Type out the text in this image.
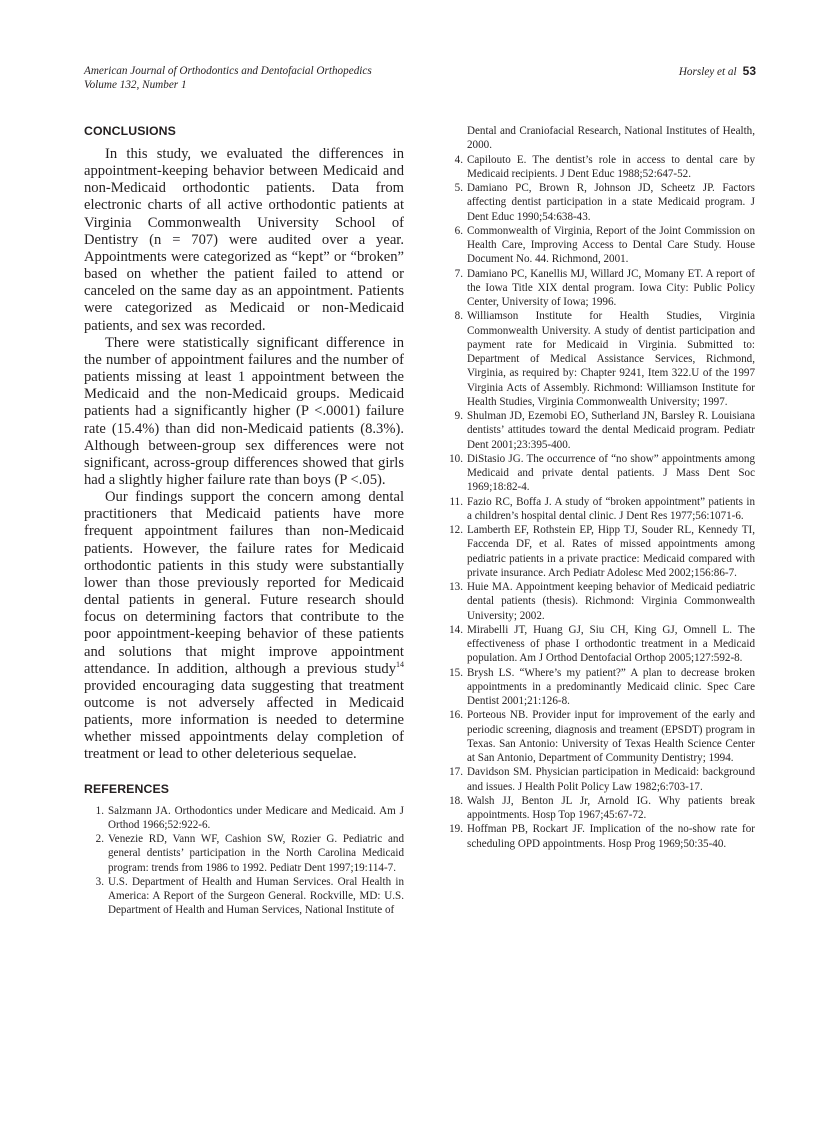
American Journal of Orthodontics and Dentofacial Orthopedics
Volume 132, Number 1
Horsley et al 53
CONCLUSIONS

In this study, we evaluated the differences in appointment-keeping behavior between Medicaid and non-Medicaid orthodontic patients. Data from electronic charts of all active orthodontic patients at Virginia Commonwealth University School of Dentistry (n = 707) were audited over a year. Appointments were categorized as “kept” or “broken” based on whether the patient failed to attend or canceled on the same day as an appointment. Patients were categorized as Medicaid or non-Medicaid patients, and sex was recorded.

There were statistically significant difference in the number of appointment failures and the number of patients missing at least 1 appointment between the Medicaid and the non-Medicaid groups. Medicaid patients had a significantly higher (P <.0001) failure rate (15.4%) than did non-Medicaid patients (8.3%). Although between-group sex differences were not significant, across-group differences showed that girls had a slightly higher failure rate than boys (P <.05).

Our findings support the concern among dental practitioners that Medicaid patients have more frequent appointment failures than non-Medicaid patients. However, the failure rates for Medicaid orthodontic patients in this study were substantially lower than those previously reported for Medicaid dental patients in general. Future research should focus on determining factors that contribute to the poor appointment-keeping behavior of these patients and solutions that might improve appointment attendance. In addition, although a previous study$^{14}$ provided encouraging data suggesting that treatment outcome is not adversely affected in Medicaid patients, more information is needed to determine whether missed appointments delay completion of treatment or lead to other deleterious sequelae.

REFERENCES
1. Salzmann JA. Orthodontics under Medicare and Medicaid. Am J Orthod 1966;52:922-6.
2. Venezie RD, Vann WF, Cashion SW, Rozier G. Pediatric and general dentists’ participation in the North Carolina Medicaid program: trends from 1986 to 1992. Pediatr Dent 1997;19:114-7.
3. U.S. Department of Health and Human Services. Oral Health in America: A Report of the Surgeon General. Rockville, MD: U.S. Department of Health and Human Services, National Institute of
Dental and Craniofacial Research, National Institutes of Health, 2000.
4. Capilouto E. The dentist’s role in access to dental care by Medicaid recipients. J Dent Educ 1988;52:647-52.
5. Damiano PC, Brown R, Johnson JD, Scheetz JP. Factors affecting dentist participation in a state Medicaid program. J Dent Educ 1990;54:638-43.
6. Commonwealth of Virginia, Report of the Joint Commission on Health Care, Improving Access to Dental Care Study. House Document No. 44. Richmond, 2001.
7. Damiano PC, Kanellis MJ, Willard JC, Momany ET. A report of the Iowa Title XIX dental program. Iowa City: Public Policy Center, University of Iowa; 1996.
8. Williamson Institute for Health Studies, Virginia Commonwealth University. A study of dentist participation and payment rate for Medicaid in Virginia. Submitted to: Department of Medical Assistance Services, Richmond, Virginia, as required by: Chapter 9241, Item 322.U of the 1997 Virginia Acts of Assembly. Richmond: Williamson Institute for Health Studies, Virginia Commonwealth University; 1997.
9. Shulman JD, Ezemobi EO, Sutherland JN, Barsley R. Louisiana dentists’ attitudes toward the dental Medicaid program. Pediatr Dent 2001;23:395-400.
10. DiStasio JG. The occurrence of “no show” appointments among Medicaid and private dental patients. J Mass Dent Soc 1969;18:82-4.
11. Fazio RC, Boffa J. A study of “broken appointment” patients in a children’s hospital dental clinic. J Dent Res 1977;56:1071-6.
12. Lamberth EF, Rothstein EP, Hipp TJ, Souder RL, Kennedy TI, Faccenda DF, et al. Rates of missed appointments among pediatric patients in a private practice: Medicaid compared with private insurance. Arch Pediatr Adolesc Med 2002;156:86-7.
13. Huie MA. Appointment keeping behavior of Medicaid pediatric dental patients (thesis). Richmond: Virginia Commonwealth University; 2002.
14. Mirabelli JT, Huang GJ, Siu CH, King GJ, Omnell L. The effectiveness of phase I orthodontic treatment in a Medicaid population. Am J Orthod Dentofacial Orthop 2005;127:592-8.
15. Brysh LS. “Where’s my patient?” A plan to decrease broken appointments in a predominantly Medicaid clinic. Spec Care Dentist 2001;21:126-8.
16. Porteous NB. Provider input for improvement of the early and periodic screening, diagnosis and treament (EPSDT) program in Texas. San Antonio: University of Texas Health Science Center at San Antonio, Department of Community Dentistry; 1994.
17. Davidson SM. Physician participation in Medicaid: background and issues. J Health Polit Policy Law 1982;6:703-17.
18. Walsh JJ, Benton JL Jr, Arnold IG. Why patients break appointments. Hosp Top 1967;45:67-72.
19. Hoffman PB, Rockart JF. Implication of the no-show rate for scheduling OPD appointments. Hosp Prog 1969;50:35-40.
